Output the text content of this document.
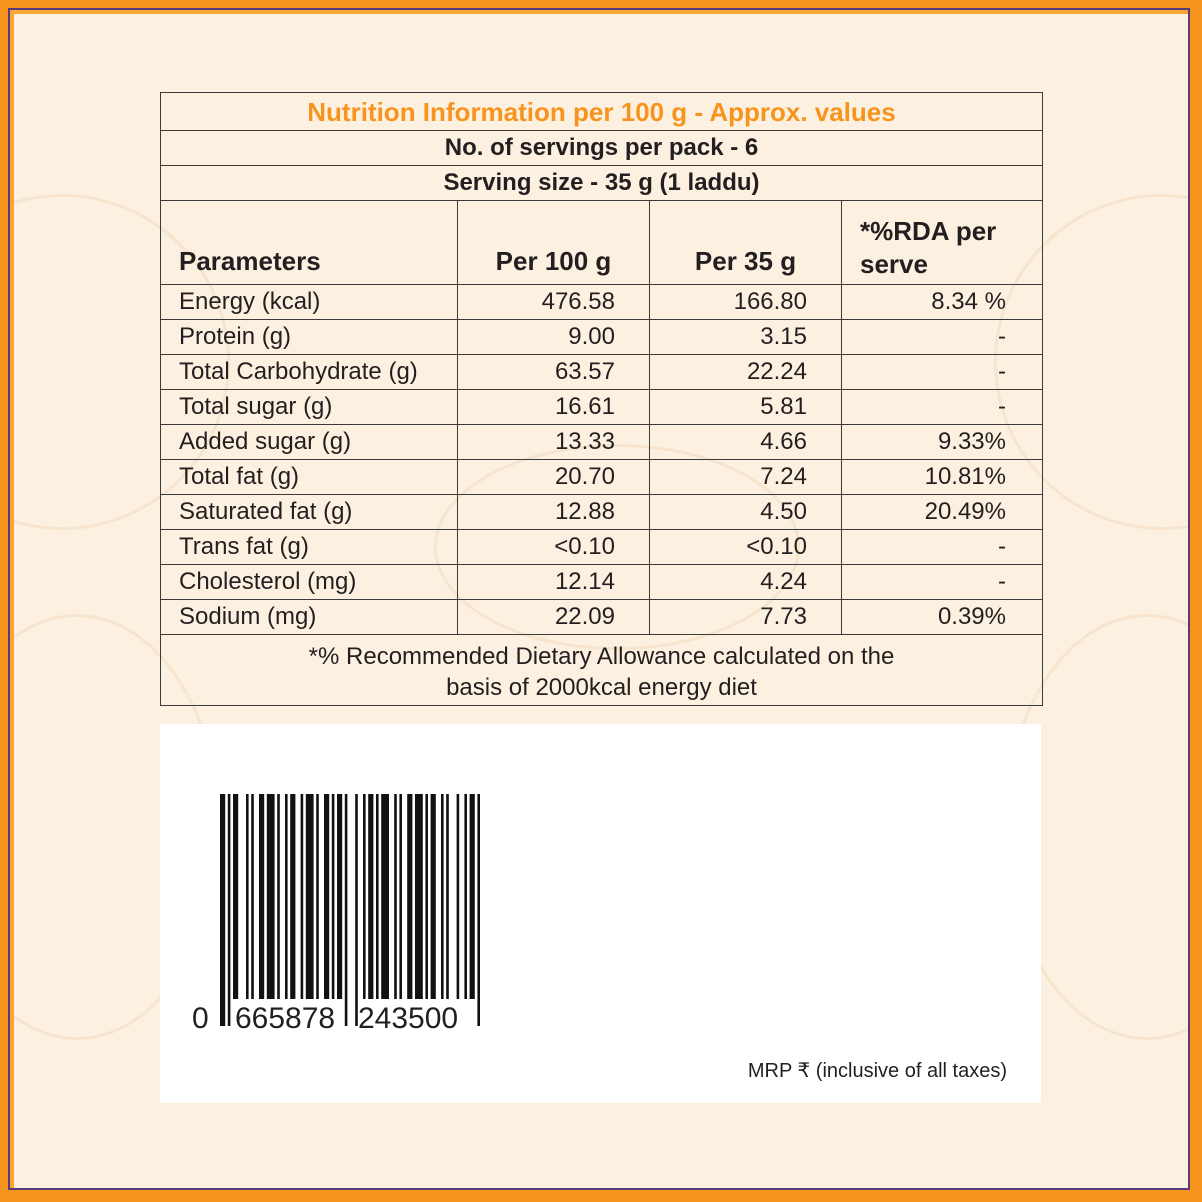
Nutrition Information per 100 g - Approx. values			
No. of servings per pack - 6			
Serving size - 35 g (1 laddu)			
Parameters	Per 100 g	Per 35 g	*%RDA per serve
Energy (kcal)	476.58	166.80	8.34 %
Protein (g)	9.00	3.15	-
Total Carbohydrate (g)	63.57	22.24	-
Total sugar (g)	16.61	5.81	-
Added sugar (g)	13.33	4.66	9.33%
Total fat (g)	20.70	7.24	10.81%
Saturated fat (g)	12.88	4.50	20.49%
Trans fat (g)	<0.10	<0.10	-
Cholesterol (mg)	12.14	4.24	-
Sodium (mg)	22.09	7.73	0.39%

*% Recommended Dietary Allowance calculated on the
basis of 2000kcal energy diet			
0 665878 243500
MRP ₹ (inclusive of all taxes)
